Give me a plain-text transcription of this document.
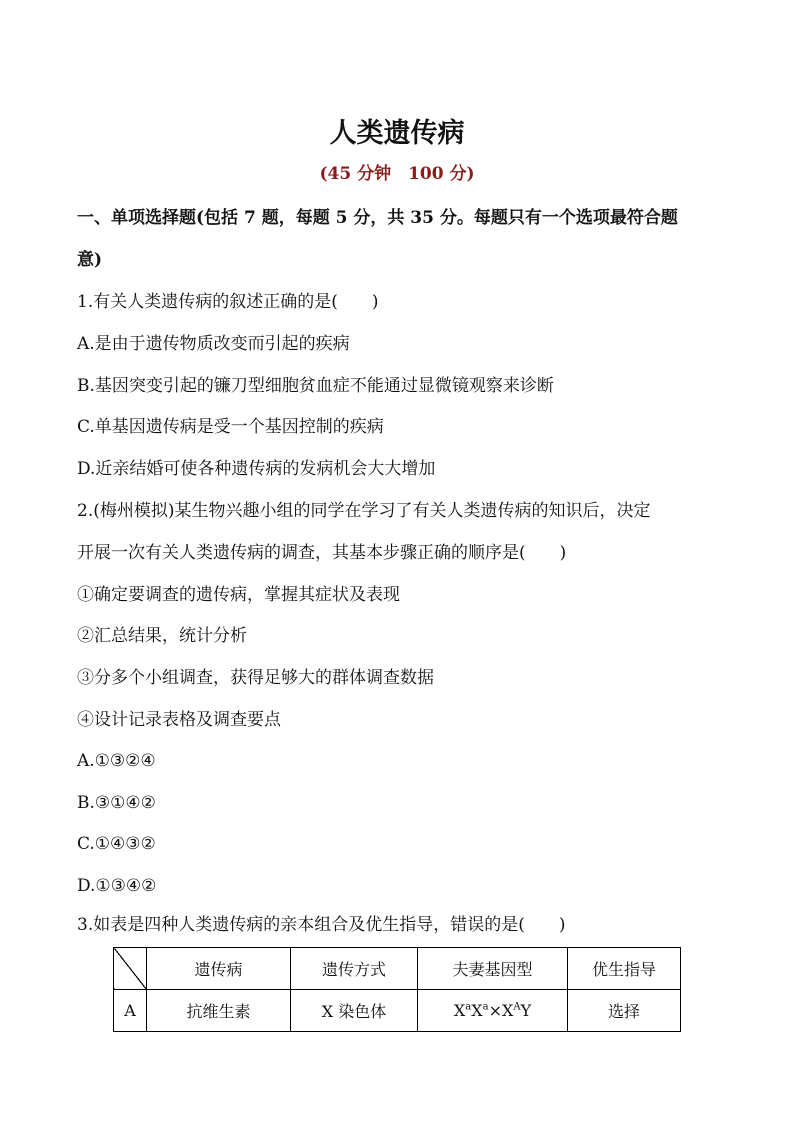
人类遗传病
(45 分钟　100 分)
一、单项选择题(包括 7 题，每题 5 分，共 35 分。每题只有一个选项最符合题
意)
1.有关人类遗传病的叙述正确的是(　　)
A.是由于遗传物质改变而引起的疾病
B.基因突变引起的镰刀型细胞贫血症不能通过显微镜观察来诊断
C.单基因遗传病是受一个基因控制的疾病
D.近亲结婚可使各种遗传病的发病机会大大增加
2.(梅州模拟)某生物兴趣小组的同学在学习了有关人类遗传病的知识后，决定
开展一次有关人类遗传病的调查，其基本步骤正确的顺序是(　　)
①确定要调查的遗传病，掌握其症状及表现
②汇总结果，统计分析
③分多个小组调查，获得足够大的群体调查数据
④设计记录表格及调查要点
A.①③②④
B.③①④②
C.①④③②
D.①③④②
3.如表是四种人类遗传病的亲本组合及优生指导，错误的是(　　)
	遗传病	遗传方式	夫妻基因型	优生指导
A	抗维生素	X 染色体	$X^aX^a\times X^AY$	选择
